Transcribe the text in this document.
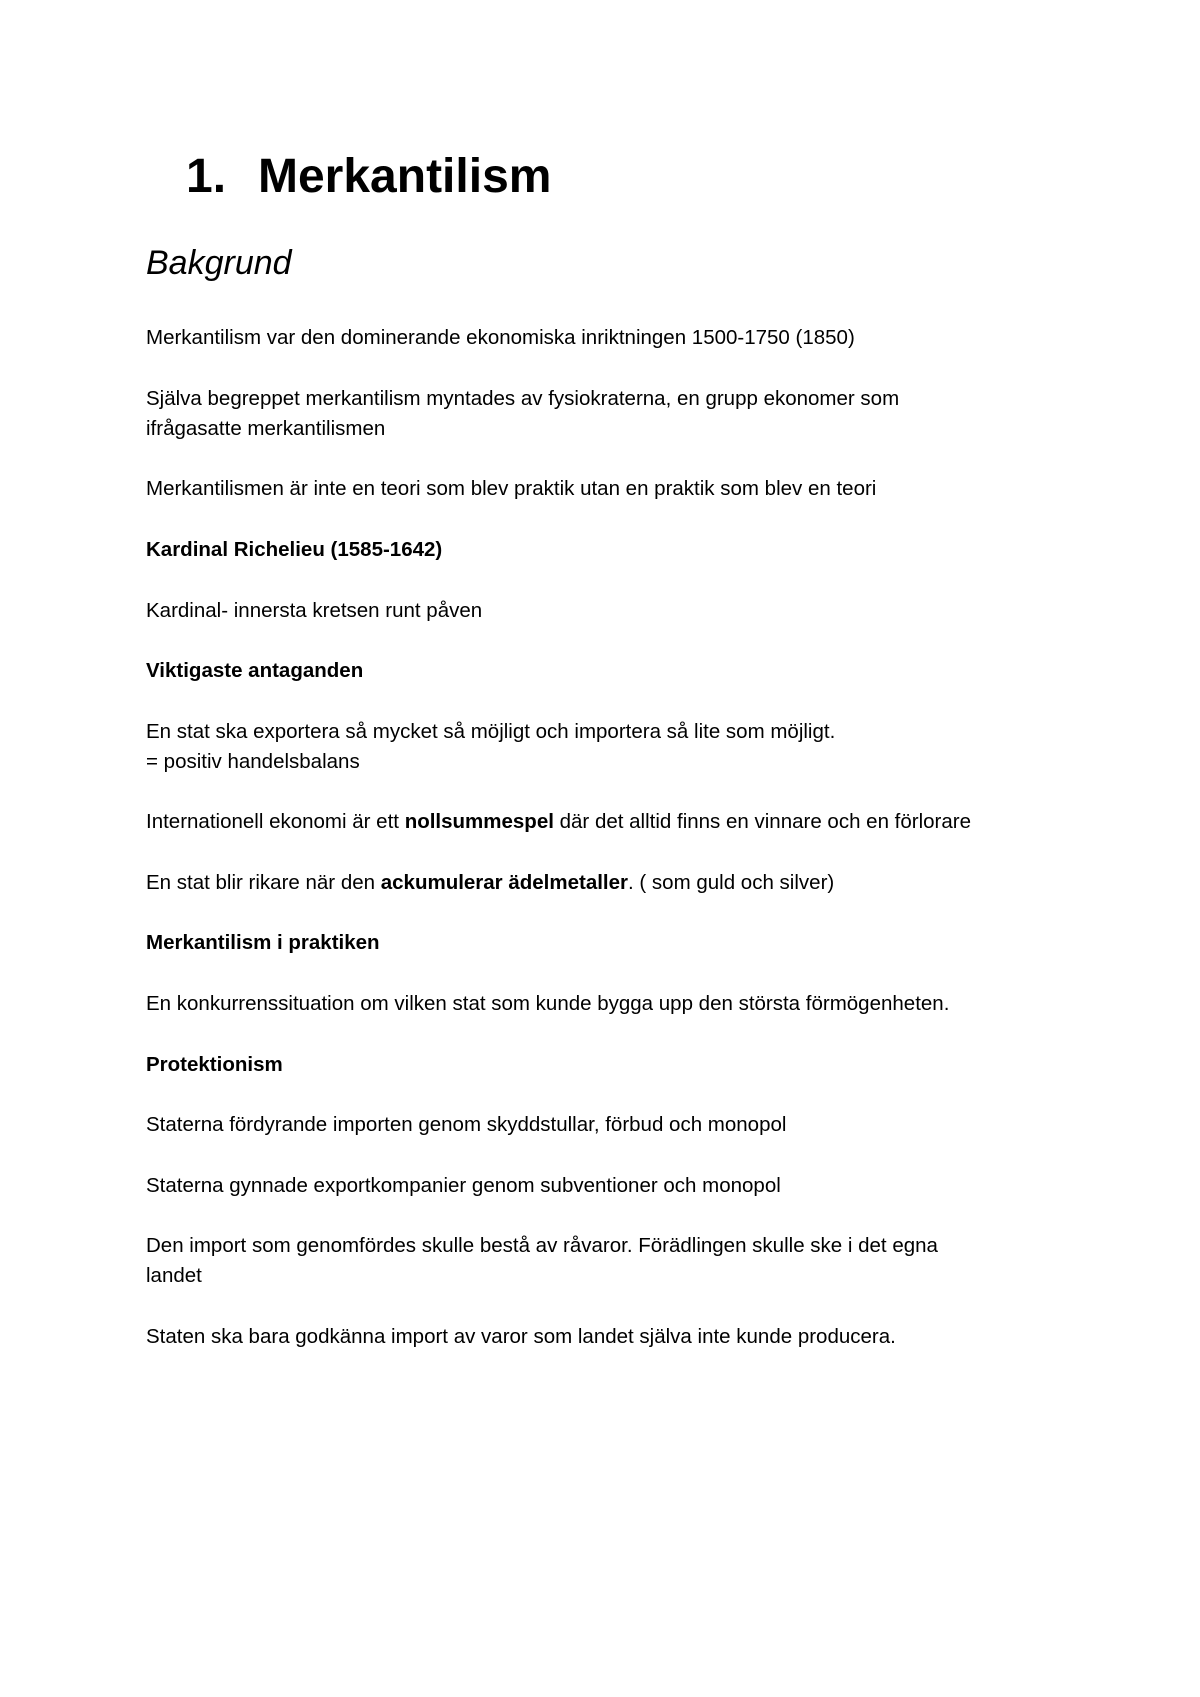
1. Merkantilism
Bakgrund

Merkantilism var den dominerande ekonomiska inriktningen 1500-1750 (1850)

Själva begreppet merkantilism myntades av fysiokraterna, en grupp ekonomer som
ifrågasatte merkantilismen

Merkantilismen är inte en teori som blev praktik utan en praktik som blev en teori

Kardinal Richelieu (1585-1642)

Kardinal- innersta kretsen runt påven

Viktigaste antaganden

En stat ska exportera så mycket så möjligt och importera så lite som möjligt.
= positiv handelsbalans

Internationell ekonomi är ett nollsummespel där det alltid finns en vinnare och en förlorare

En stat blir rikare när den ackumulerar ädelmetaller. ( som guld och silver)

Merkantilism i praktiken

En konkurrenssituation om vilken stat som kunde bygga upp den största förmögenheten.

Protektionism

Staterna fördyrande importen genom skyddstullar, förbud och monopol

Staterna gynnade exportkompanier genom subventioner och monopol

Den import som genomfördes skulle bestå av råvaror. Förädlingen skulle ske i det egna
landet

Staten ska bara godkänna import av varor som landet själva inte kunde producera.
